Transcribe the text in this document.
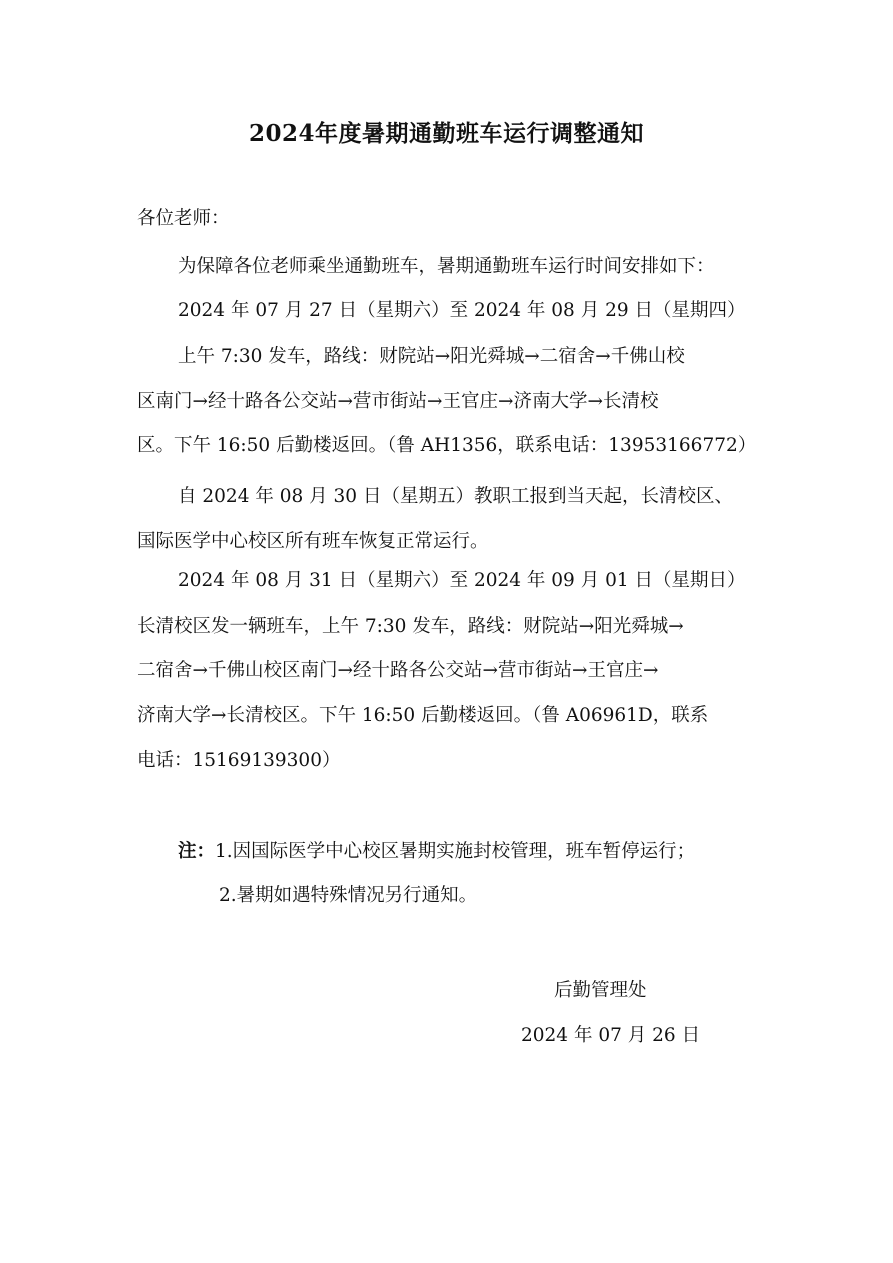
2024年度暑期通勤班车运行调整通知
各位老师：
为保障各位老师乘坐通勤班车，暑期通勤班车运行时间安排如下：
2024 年 07 月 27 日（星期六）至 2024 年 08 月 29 日（星期四）
上午 7:30 发车，路线：财院站→阳光舜城→二宿舍→千佛山校
区南门→经十路各公交站→营市街站→王官庄→济南大学→长清校
区。下午 16:50 后勤楼返回。（鲁 AH1356，联系电话：13953166772）
自 2024 年 08 月 30 日（星期五）教职工报到当天起，长清校区、
国际医学中心校区所有班车恢复正常运行。
2024 年 08 月 31 日（星期六）至 2024 年 09 月 01 日（星期日）
长清校区发一辆班车，上午 7:30 发车，路线：财院站→阳光舜城→
二宿舍→千佛山校区南门→经十路各公交站→营市街站→王官庄→
济南大学→长清校区。下午 16:50 后勤楼返回。（鲁 A06961D，联系
电话：15169139300）
注：1.因国际医学中心校区暑期实施封校管理，班车暂停运行；
2.暑期如遇特殊情况另行通知。
后勤管理处
2024 年 07 月 26 日
